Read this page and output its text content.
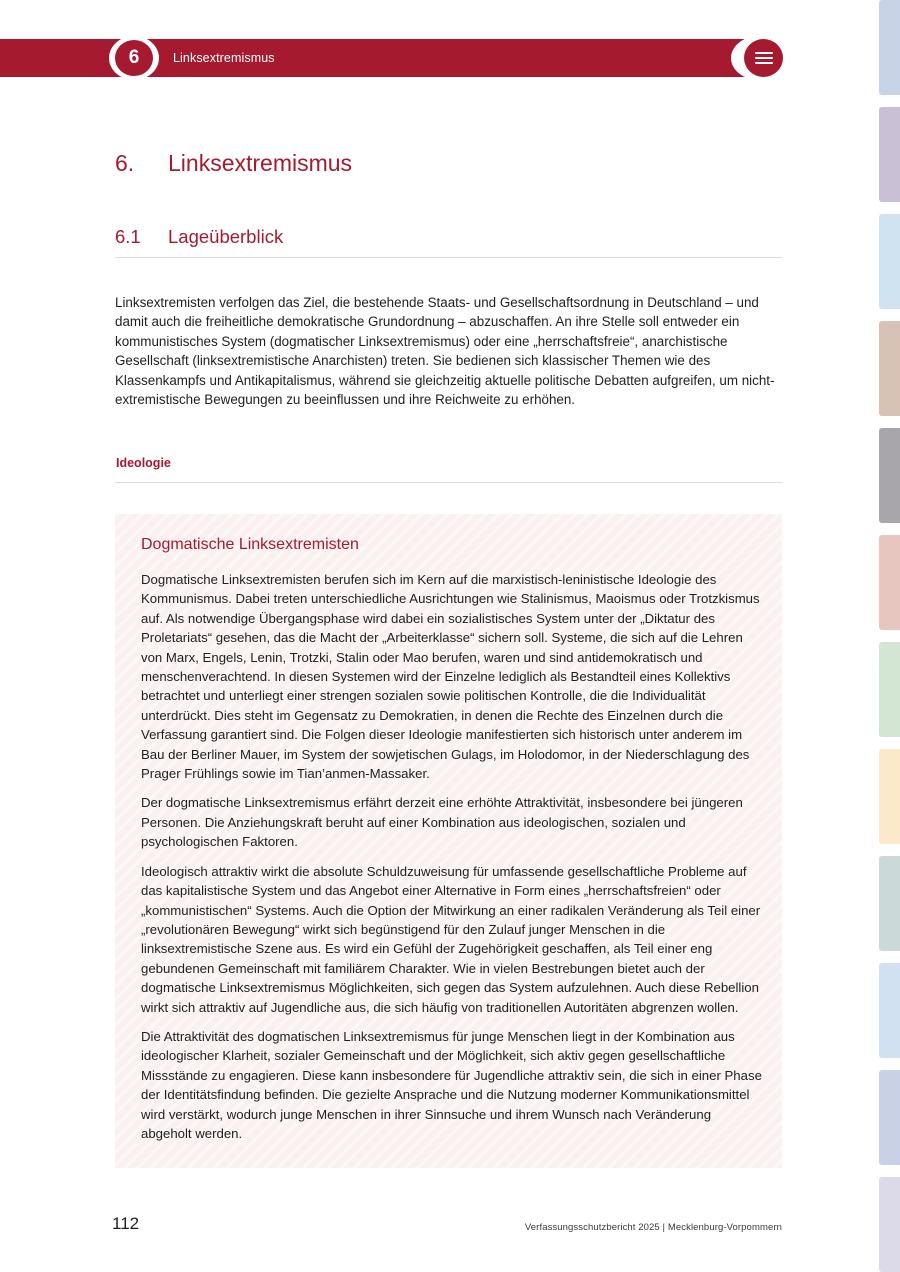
6	Linksextremismus
6. Linksextremismus
6.1 Lageüberblick

Linksextremisten verfolgen das Ziel, die bestehende Staats- und Gesellschaftsordnung in Deutschland – und damit auch die freiheitliche demokratische Grundordnung – abzuschaffen. An ihre Stelle soll entweder ein kommunistisches System (dogmatischer Linksextremismus) oder eine „herrschaftsfreie“, anarchistische Gesellschaft (linksextremistische Anarchisten) treten. Sie bedienen sich klassischer Themen wie des Klassenkampfs und Antikapitalismus, während sie gleichzeitig aktuelle politische Debatten aufgreifen, um nicht-extremistische Bewegungen zu beeinflussen und ihre Reichweite zu erhöhen.

Ideologie
Dogmatische Linksextremisten

Dogmatische Linksextremisten berufen sich im Kern auf die marxistisch-leninistische Ideologie des Kommunismus. Dabei treten unterschiedliche Ausrichtungen wie Stalinismus, Maoismus oder Trotzkismus auf. Als notwendige Übergangsphase wird dabei ein sozialistisches System unter der „Diktatur des Proletariats“ gesehen, das die Macht der „Arbeiterklasse“ sichern soll. Systeme, die sich auf die Lehren von Marx, Engels, Lenin, Trotzki, Stalin oder Mao berufen, waren und sind antidemokratisch und menschenverachtend. In diesen Systemen wird der Einzelne lediglich als Bestandteil eines Kollektivs betrachtet und unterliegt einer strengen sozialen sowie politischen Kontrolle, die die Individualität unterdrückt. Dies steht im Gegensatz zu Demokratien, in denen die Rechte des Einzelnen durch die Verfassung garantiert sind. Die Folgen dieser Ideologie manifestierten sich historisch unter anderem im Bau der Berliner Mauer, im System der sowjetischen Gulags, im Holodomor, in der Niederschlagung des Prager Frühlings sowie im Tian’anmen-Massaker.

Der dogmatische Linksextremismus erfährt derzeit eine erhöhte Attraktivität, insbesondere bei jüngeren Personen. Die Anziehungskraft beruht auf einer Kombination aus ideologischen, sozialen und psychologischen Faktoren.

Ideologisch attraktiv wirkt die absolute Schuldzuweisung für umfassende gesellschaftliche Probleme auf das kapitalistische System und das Angebot einer Alternative in Form eines „herrschaftsfreien“ oder „kommunistischen“ Systems. Auch die Option der Mitwirkung an einer radikalen Veränderung als Teil einer „revolutionären Bewegung“ wirkt sich begünstigend für den Zulauf junger Menschen in die linksextremistische Szene aus. Es wird ein Gefühl der Zugehörigkeit geschaffen, als Teil einer eng gebundenen Gemeinschaft mit familiärem Charakter. Wie in vielen Bestrebungen bietet auch der dogmatische Linksextremismus Möglichkeiten, sich gegen das System aufzulehnen. Auch diese Rebellion wirkt sich attraktiv auf Jugendliche aus, die sich häufig von traditionellen Autoritäten abgrenzen wollen.

Die Attraktivität des dogmatischen Linksextremismus für junge Menschen liegt in der Kombination aus ideologischer Klarheit, sozialer Gemeinschaft und der Möglichkeit, sich aktiv gegen gesellschaftliche Missstände zu engagieren. Diese kann insbesondere für Jugendliche attraktiv sein, die sich in einer Phase der Identitätsfindung befinden. Die gezielte Ansprache und die Nutzung moderner Kommunikationsmittel wird verstärkt, wodurch junge Menschen in ihrer Sinnsuche und ihrem Wunsch nach Veränderung abgeholt werden.

112	Verfassungsschutzbericht 2025 | Mecklenburg-Vorpommern
